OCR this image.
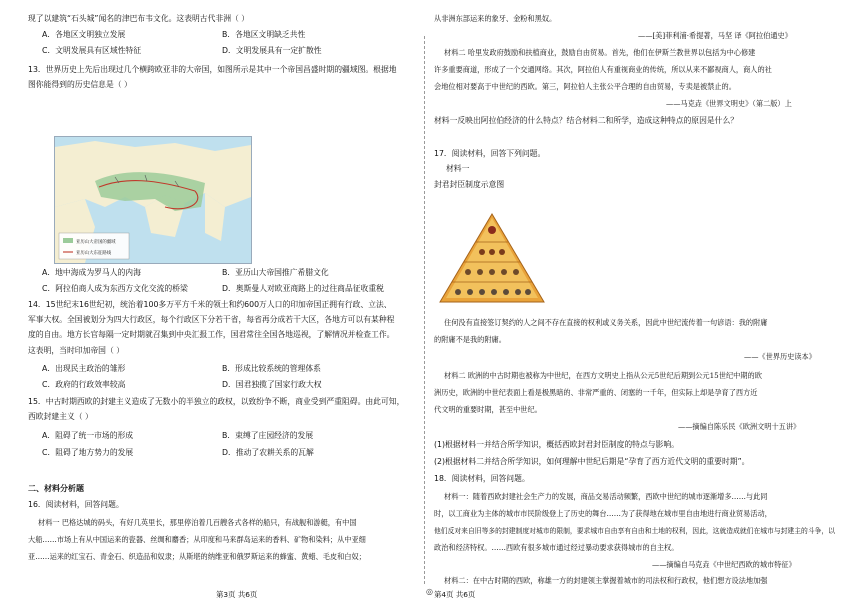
现了以建筑“石头城”闻名的津巴布韦文化。这表明古代非洲（ ）
A．各地区文明独立发展	B．各地区文明缺乏共性
C．文明发展具有区域性特征	D．文明发展具有一定扩散性
13．世界历史上先后出现过几个横跨欧亚非的大帝国，如图所示是其中一个帝国昌盛时期的疆域图。根据地
图你能得到的历史信息是（ ）
亚历山大帝国的疆域
亚历山大东征路线
A．地中海成为罗马人的内海	B．亚历山大帝国推广希腊文化
C．阿拉伯商人成为东西方文化交流的桥梁	D．奥斯曼人对欧亚商路上的过往商品征收重税
14．15世纪末16世纪初，统治着100多万平方千米的领土和约600万人口的印加帝国正拥有行政、立法、
军事大权。全国被划分为四大行政区，每个行政区下分若干省，每省再分成若干大区，各地方可以有某种程
度的自由。地方长官每隔一定时期就召集到中央汇报工作，国君常往全国各地巡视，了解情况并检查工作。
这表明，当时印加帝国（ ）
A．出现民主政治的雏形	B．形成比较系统的管理体系
C．政府的行政效率较高	D．国君独揽了国家行政大权
15．中古时期西欧的封建主义造成了无数小的半独立的政权，以致纷争不断，商业受到严重阻碍。由此可知，
西欧封建主义（ ）
A．阻碍了统一市场的形成	B．束缚了庄园经济的发展
C．阻碍了地方势力的发展	D．推动了农耕关系的瓦解
二、材料分析题
16．阅读材料，回答问题。
材料一 巴格达城的码头，有好几英里长，那里停泊着几百艘各式各样的船只，有战舰和游艇，有中国
大船……市场上有从中国运来的瓷器、丝绸和麝香；从印度和马来群岛运来的香料、矿物和染料；从中亚细
亚……运来的红宝石、青金石、织造品和奴隶；从斯堪的纳维亚和俄罗斯运来的蜂蜜、黄蜡、毛皮和白奴；
第3页 共6页	◎
从非洲东部运来的象牙、金粉和黑奴。
——[美]菲利浦·希提著，马坚 译《阿拉伯通史》
材料二 哈里发政府鼓励和扶植商业，鼓励自由贸易。首先，他们在伊斯兰教世界以包括为中心修建
许多重要商道，形成了一个交通网络。其次，阿拉伯人有重视商业的传统，所以从来不鄙视商人，商人的社
会地位相对要高于中世纪的西欧。第三，阿拉伯人主张公平合理的自由贸易，专卖是被禁止的。
——马克垚《世界文明史》（第二版）上
材料一反映出阿拉伯经济的什么特点？结合材料二和所学，造成这种特点的原因是什么？
17．阅读材料，回答下列问题。
材料一
封君封臣制度示意图
住何没有直接签订契约的人之间不存在直接的权利或义务关系，因此中世纪流传着一句谚语：我的附庸
的附庸不是我的附庸。
——《世界历史读本》
材料二 欧洲的中古时期也被称为中世纪，在西方文明史上指从公元5世纪后期到公元15世纪中期的欧
洲历史，欧洲的中世纪表面上看是极黑暗的、非常严重的、闭塞的一千年，但实际上却是孕育了西方近
代文明的重要时期，甚至中世纪。
——摘编自陈乐民《欧洲文明十五讲》
(1)根据材料一并结合所学知识，概括西欧封君封臣制度的特点与影响。
(2)根据材料二并结合所学知识，如何理解中世纪后期是“孕育了西方近代文明的重要时期”。
18．阅读材料，回答问题。
材料一：随着西欧封建社会生产力的发展，商品交易活动频繁，西欧中世纪的城市逐渐增多……与此同
时，以工商业为主体的城市市民阶级登上了历史的舞台……为了获得地在城市里自由地进行商业贸易活动，
他们反对来自旧等多的封建制度对城市的限制，要求城市自由享有自由和土地的权利，因此，这就造成就们在城市与封建主的斗争，以
政治和经济特权。……西欧有很多城市通过经过暴动要求获得城市的自主权。
——摘编自马克垚《中世纪西欧的城市特征》
材料二：在中古时期的西欧，称雄一方的封建领主掌握着城市的司法权和行政权，他们想方设法地加强
第4页 共6页
